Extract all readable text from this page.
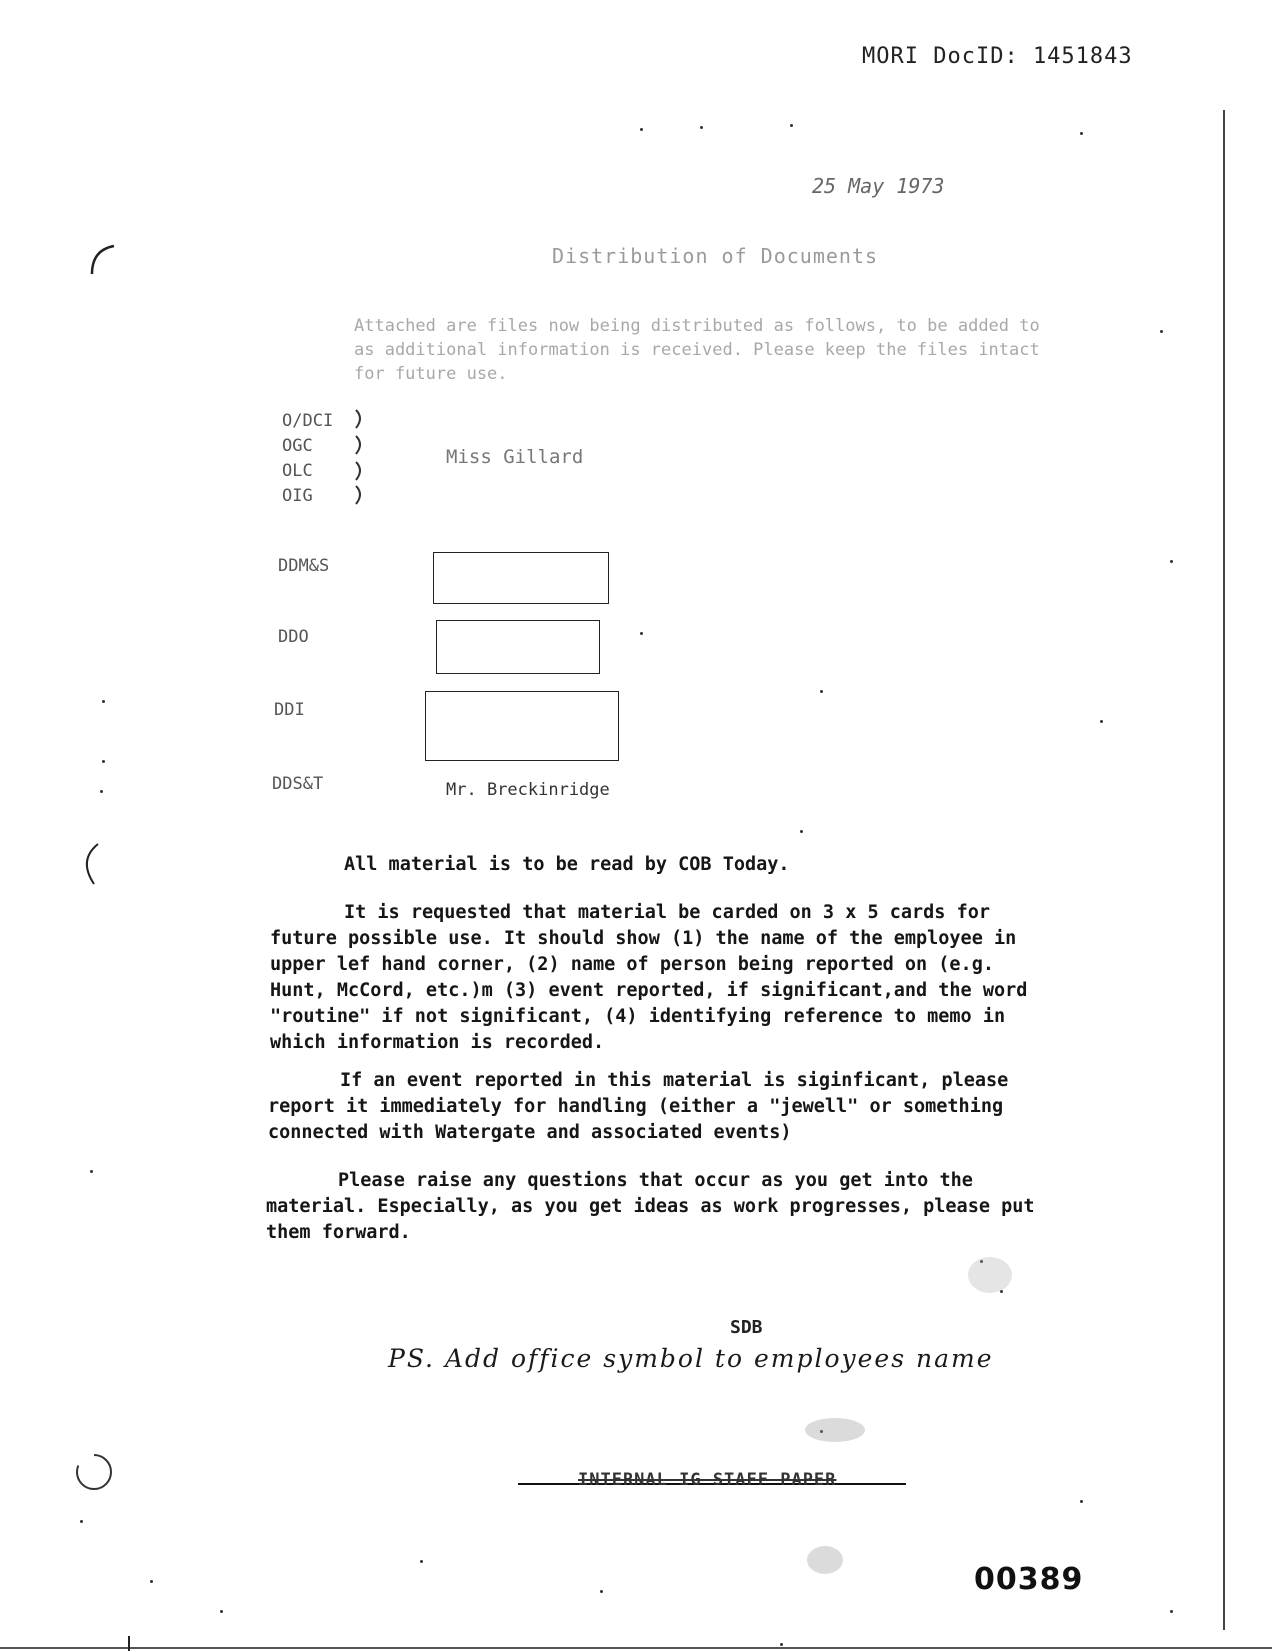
MORI DocID: 1451843
25 May 1973
Distribution of Documents
Attached are files now being distributed as follows, to be added to as additional information is received. Please keep the files intact for future use.
O/DCI
OGC
OLC
OIG
Miss Gillard
DDM&S
DDO
DDI
DDS&T	Mr. Breckinridge
All material is to be read by COB Today.
It is requested that material be carded on 3 x 5 cards for future possible use. It should show (1) the name of the employee in upper lef hand corner, (2) name of person being reported on (e.g. Hunt, McCord, etc.)m (3) event reported, if significant,and the word "routine" if not significant, (4) identifying reference to memo in which information is recorded.
If an event reported in this material is siginficant, please report it immediately for handling (either a "jewell" or something connected with Watergate and associated events)
Please raise any questions that occur as you get into the material. Especially, as you get ideas as work progresses, please put them forward.
SDB
PS. Add office symbol to employees name
INTERNAL IG STAFF PAPER
00389
